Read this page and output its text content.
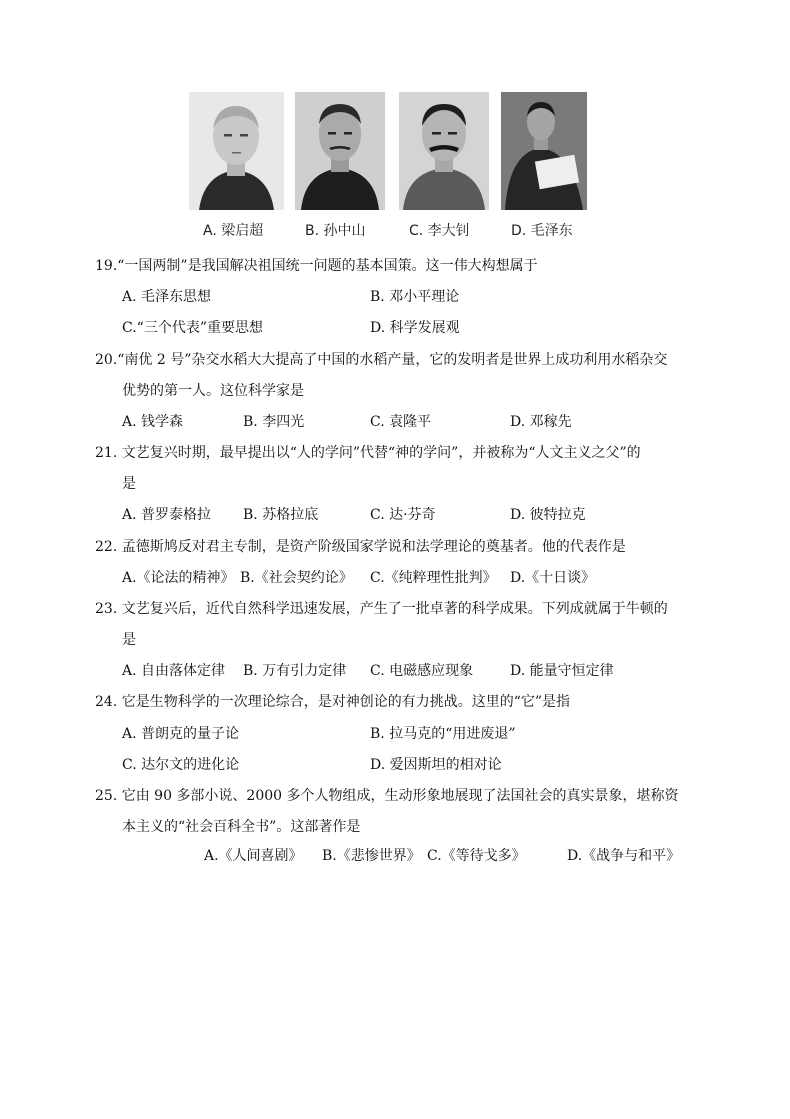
A. 梁启超	B. 孙中山	C. 李大钊	D. 毛泽东
19.“一国两制”是我国解决祖国统一问题的基本国策。这一伟大构想属于
A. 毛泽东思想	B. 邓小平理论
C.“三个代表”重要思想	D. 科学发展观
20.“南优 2 号”杂交水稻大大提高了中国的水稻产量，它的发明者是世界上成功利用水稻杂交
优势的第一人。这位科学家是
A. 钱学森	B. 李四光	C. 袁隆平	D. 邓稼先
21. 文艺复兴时期，最早提出以“人的学问”代替“神的学问”，并被称为“人文主义之父”的
是
A. 普罗泰格拉 B. 苏格拉底	C. 达·芬奇	D. 彼特拉克
22. 孟德斯鸠反对君主专制，是资产阶级国家学说和法学理论的奠基者。他的代表作是
A.《论法的精神》 B.《社会契约论》 C.《纯粹理性批判》 D.《十日谈》
23. 文艺复兴后，近代自然科学迅速发展，产生了一批卓著的科学成果。下列成就属于牛顿的
是
A. 自由落体定律 B. 万有引力定律 C. 电磁感应现象	D. 能量守恒定律
24. 它是生物科学的一次理论综合，是对神创论的有力挑战。这里的“它”是指
A. 普朗克的量子论	B. 拉马克的“用进废退”
C. 达尔文的进化论	D. 爱因斯坦的相对论
25. 它由 90 多部小说、2000 多个人物组成，生动形象地展现了法国社会的真实景象，堪称资
本主义的“社会百科全书”。这部著作是
A.《人间喜剧》 B.《悲惨世界》 C.《等待戈多》	D.《战争与和平》
